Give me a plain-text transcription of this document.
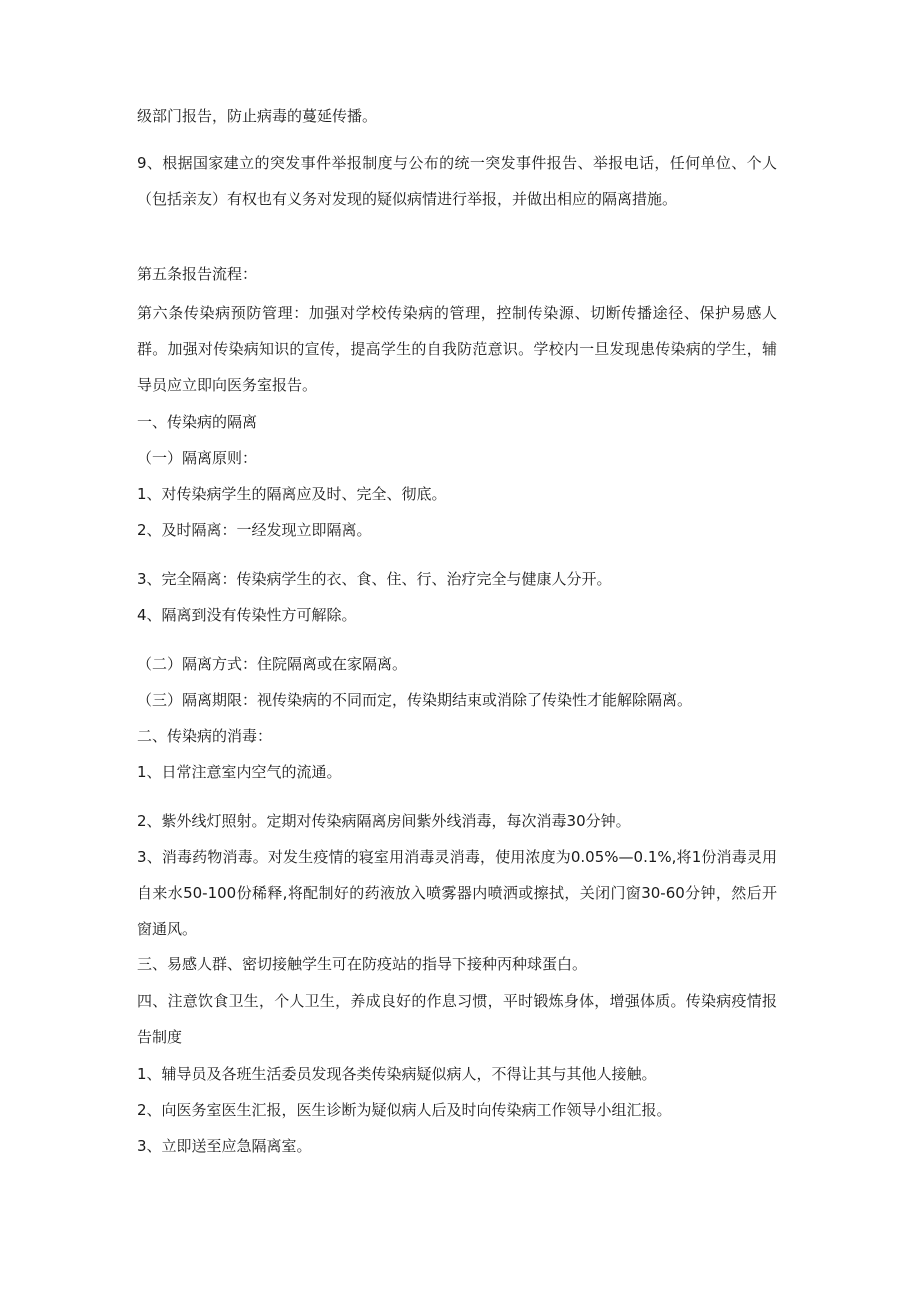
级部门报告，防止病毒的蔓延传播。

9、根据国家建立的突发事件举报制度与公布的统一突发事件报告、举报电话，任何单位、个人（包括亲友）有权也有义务对发现的疑似病情进行举报，并做出相应的隔离措施。

第五条报告流程：

第六条传染病预防管理：加强对学校传染病的管理，控制传染源、切断传播途径、保护易感人群。加强对传染病知识的宣传，提高学生的自我防范意识。学校内一旦发现患传染病的学生，辅导员应立即向医务室报告。

一、传染病的隔离

（一）隔离原则：

1、对传染病学生的隔离应及时、完全、彻底。

2、及时隔离：一经发现立即隔离。

3、完全隔离：传染病学生的衣、食、住、行、治疗完全与健康人分开。

4、隔离到没有传染性方可解除。

（二）隔离方式：住院隔离或在家隔离。

（三）隔离期限：视传染病的不同而定，传染期结束或消除了传染性才能解除隔离。

二、传染病的消毒：

1、日常注意室内空气的流通。

2、紫外线灯照射。定期对传染病隔离房间紫外线消毒，每次消毒30分钟。

3、消毒药物消毒。对发生疫情的寝室用消毒灵消毒，使用浓度为0.05%—0.1%,将1份消毒灵用自来水50-100份稀释,将配制好的药液放入喷雾器内喷洒或擦拭，关闭门窗30-60分钟，然后开窗通风。

三、易感人群、密切接触学生可在防疫站的指导下接种丙种球蛋白。

四、注意饮食卫生，个人卫生，养成良好的作息习惯，平时锻炼身体，增强体质。传染病疫情报告制度

1、辅导员及各班生活委员发现各类传染病疑似病人，不得让其与其他人接触。

2、向医务室医生汇报，医生诊断为疑似病人后及时向传染病工作领导小组汇报。

3、立即送至应急隔离室。
